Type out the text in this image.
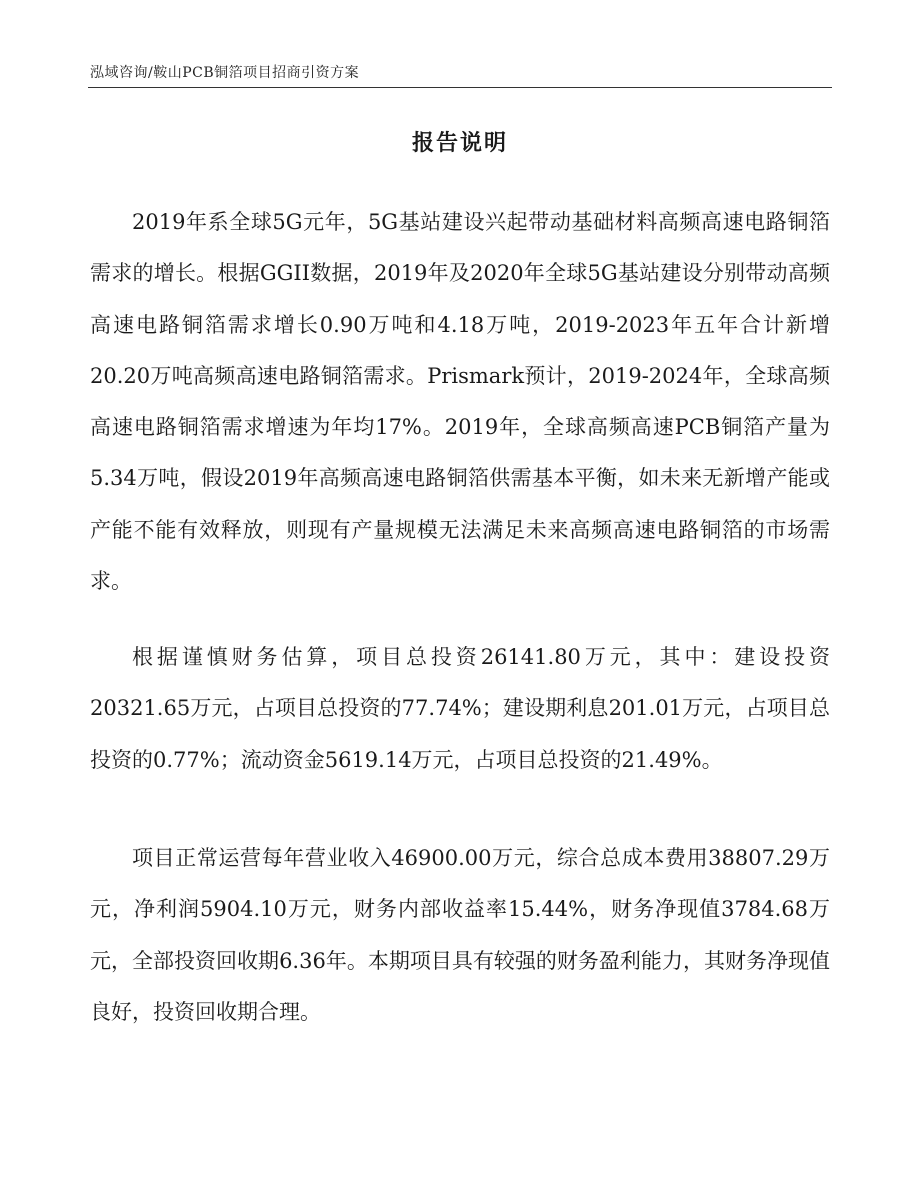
泓域咨询/鞍山PCB铜箔项目招商引资方案
报告说明

2019年系全球5G元年，5G基站建设兴起带动基础材料高频高速电路铜箔需求的增长。根据GGII数据，2019年及2020年全球5G基站建设分别带动高频高速电路铜箔需求增长0.90万吨和4.18万吨，2019-2023年五年合计新增20.20万吨高频高速电路铜箔需求。Prismark预计，2019-2024年，全球高频高速电路铜箔需求增速为年均17%。2019年，全球高频高速PCB铜箔产量为5.34万吨，假设2019年高频高速电路铜箔供需基本平衡，如未来无新增产能或产能不能有效释放，则现有产量规模无法满足未来高频高速电路铜箔的市场需求。

根据谨慎财务估算，项目总投资26141.80万元，其中：建设投资20321.65万元，占项目总投资的77.74%；建设期利息201.01万元，占项目总投资的0.77%；流动资金5619.14万元，占项目总投资的21.49%。

项目正常运营每年营业收入46900.00万元，综合总成本费用38807.29万元，净利润5904.10万元，财务内部收益率15.44%，财务净现值3784.68万元，全部投资回收期6.36年。本期项目具有较强的财务盈利能力，其财务净现值良好，投资回收期合理。
